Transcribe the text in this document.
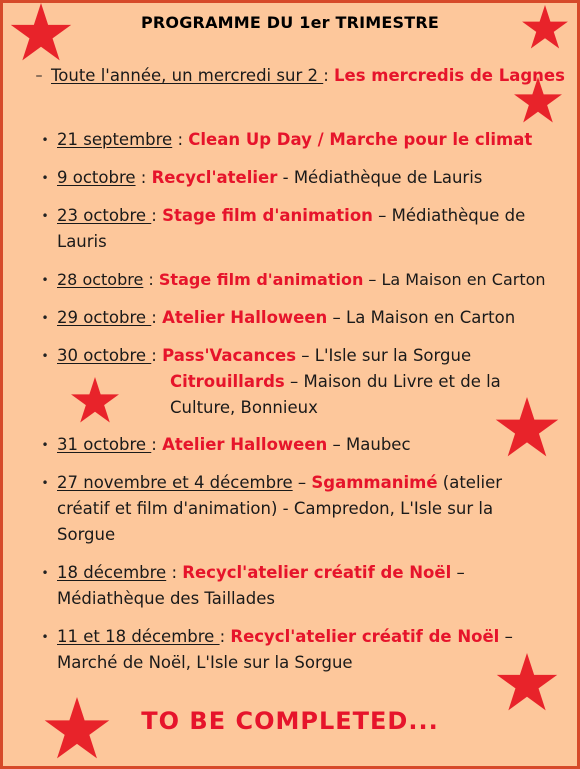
PROGRAMME DU 1er TRIMESTRE
– Toute l'année, un mercredi sur 2 : Les mercredis de Lagnes
• 21 septembre : Clean Up Day / Marche pour le climat
• 9 octobre : Recycl'atelier - Médiathèque de Lauris
• 23 octobre : Stage film d'animation – Médiathèque de Lauris
• 28 octobre : Stage film d'animation – La Maison en Carton
• 29 octobre : Atelier Halloween – La Maison en Carton
• 30 octobre : Pass'Vacances – L'Isle sur la Sorgue
Citrouillards – Maison du Livre et de la Culture, Bonnieux
• 31 octobre : Atelier Halloween – Maubec
• 27 novembre et 4 décembre – Sgammanimé (atelier créatif et film d'animation) - Campredon, L'Isle sur la Sorgue
• 18 décembre : Recycl'atelier créatif de Noël – Médiathèque des Taillades
• 11 et 18 décembre : Recycl'atelier créatif de Noël – Marché de Noël, L'Isle sur la Sorgue
TO BE COMPLETED...
